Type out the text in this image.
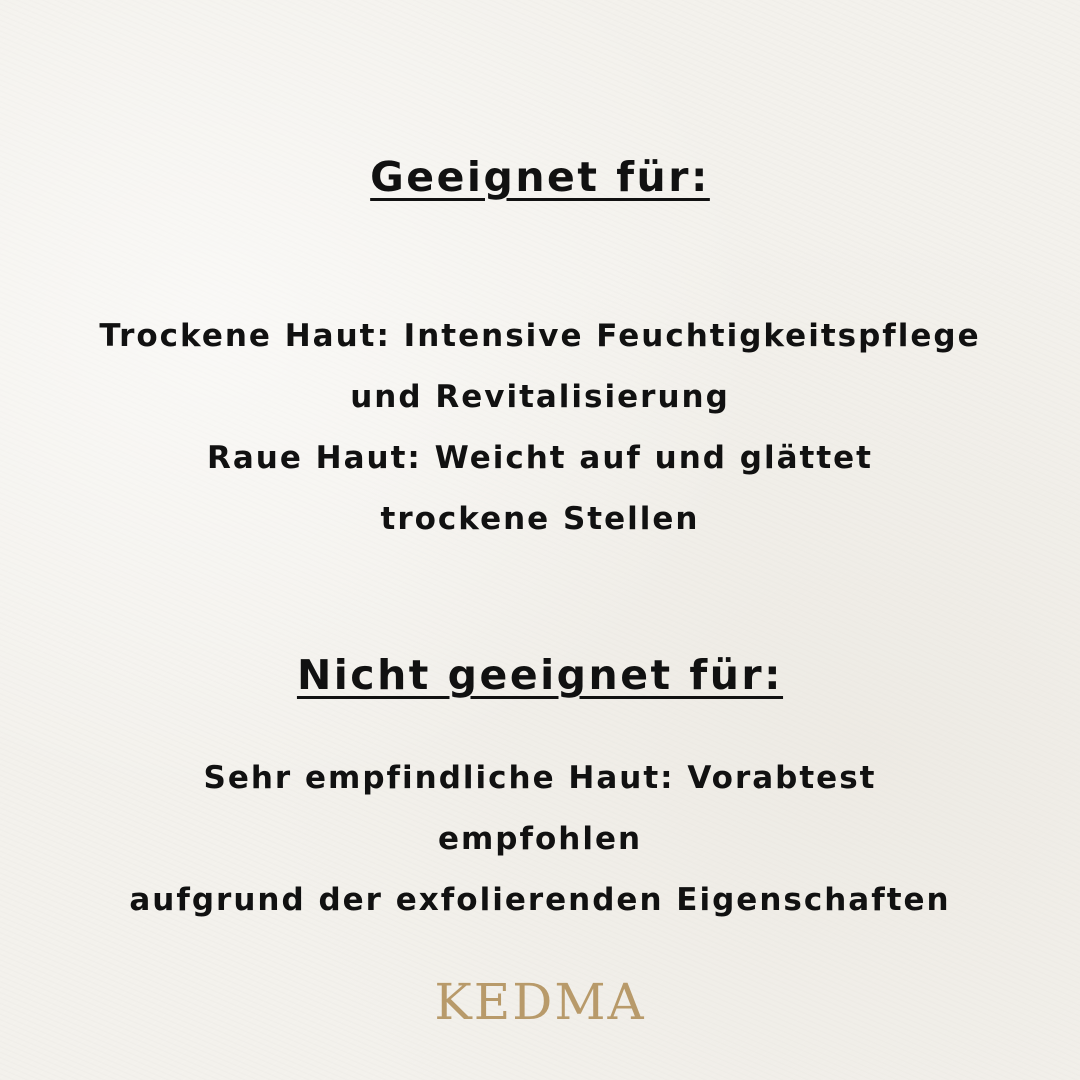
Geeignet für:
Trockene Haut: Intensive Feuchtigkeitspflege
und Revitalisierung
Raue Haut: Weicht auf und glättet
trockene Stellen
Nicht geeignet für:
Sehr empfindliche Haut: Vorabtest
empfohlen
aufgrund der exfolierenden Eigenschaften
KEDMA
